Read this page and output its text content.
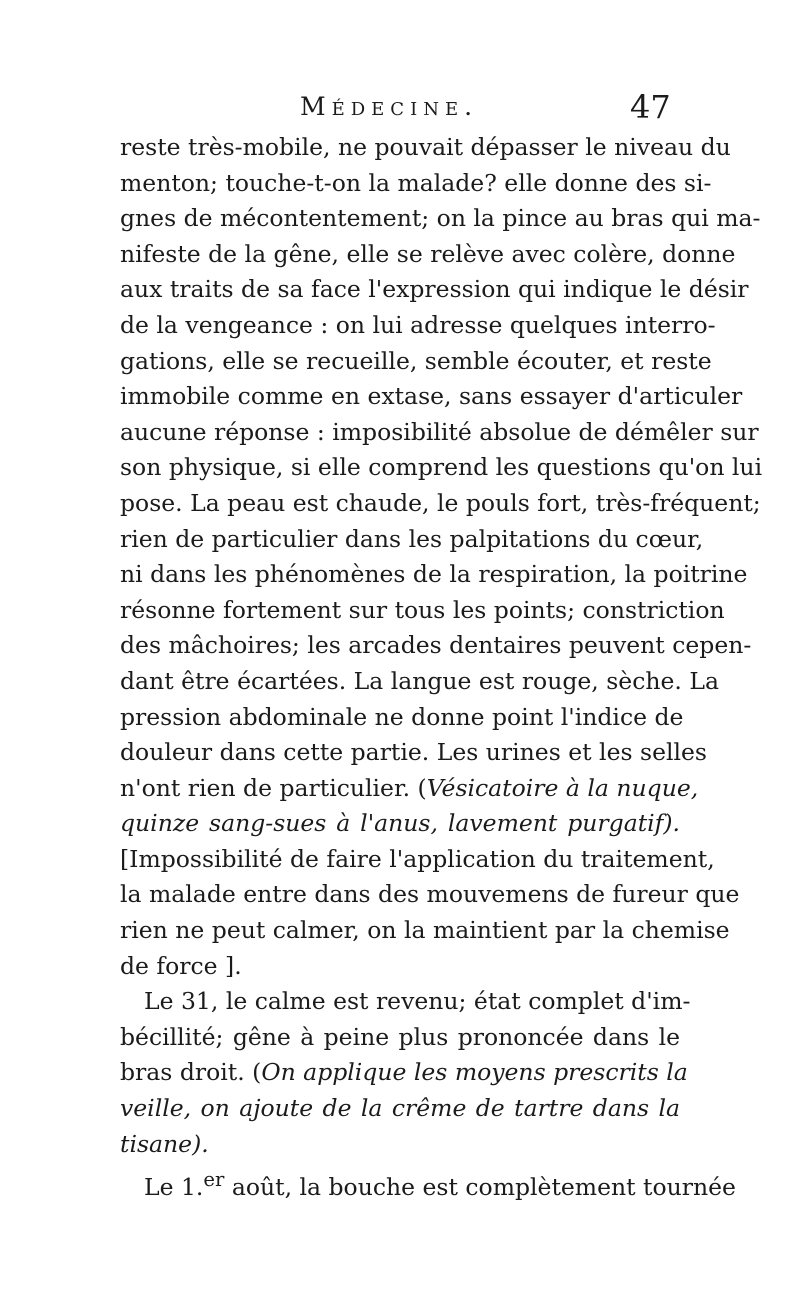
Médecine.	47
reste très-mobile, ne pouvait dépasser le niveau du
menton; touche-t-on la malade? elle donne des si-
gnes de mécontentement; on la pince au bras qui ma-
nifeste de la gêne, elle se relève avec colère, donne
aux traits de sa face l'expression qui indique le désir
de la vengeance : on lui adresse quelques interro-
gations, elle se recueille, semble écouter, et reste
immobile comme en extase, sans essayer d'articuler
aucune réponse : imposibilité absolue de démêler sur
son physique, si elle comprend les questions qu'on lui
pose. La peau est chaude, le pouls fort, très-fréquent;
rien de particulier dans les palpitations du cœur,
ni dans les phénomènes de la respiration, la poitrine
résonne fortement sur tous les points; constriction
des mâchoires; les arcades dentaires peuvent cepen-
dant être écartées. La langue est rouge, sèche. La
pression abdominale ne donne point l'indice de
douleur dans cette partie. Les urines et les selles
n'ont rien de particulier. (Vésicatoire à la nuque,
quinze sang-sues à l'anus, lavement purgatif).
[Impossibilité de faire l'application du traitement,
la malade entre dans des mouvemens de fureur que
rien ne peut calmer, on la maintient par la chemise
de force ].
Le 31, le calme est revenu; état complet d'im-
bécillité; gêne à peine plus prononcée dans le
bras droit. (On applique les moyens prescrits la
veille, on ajoute de la crême de tartre dans la
tisane).
Le 1.$^{er}$ août, la bouche est complètement tournée
